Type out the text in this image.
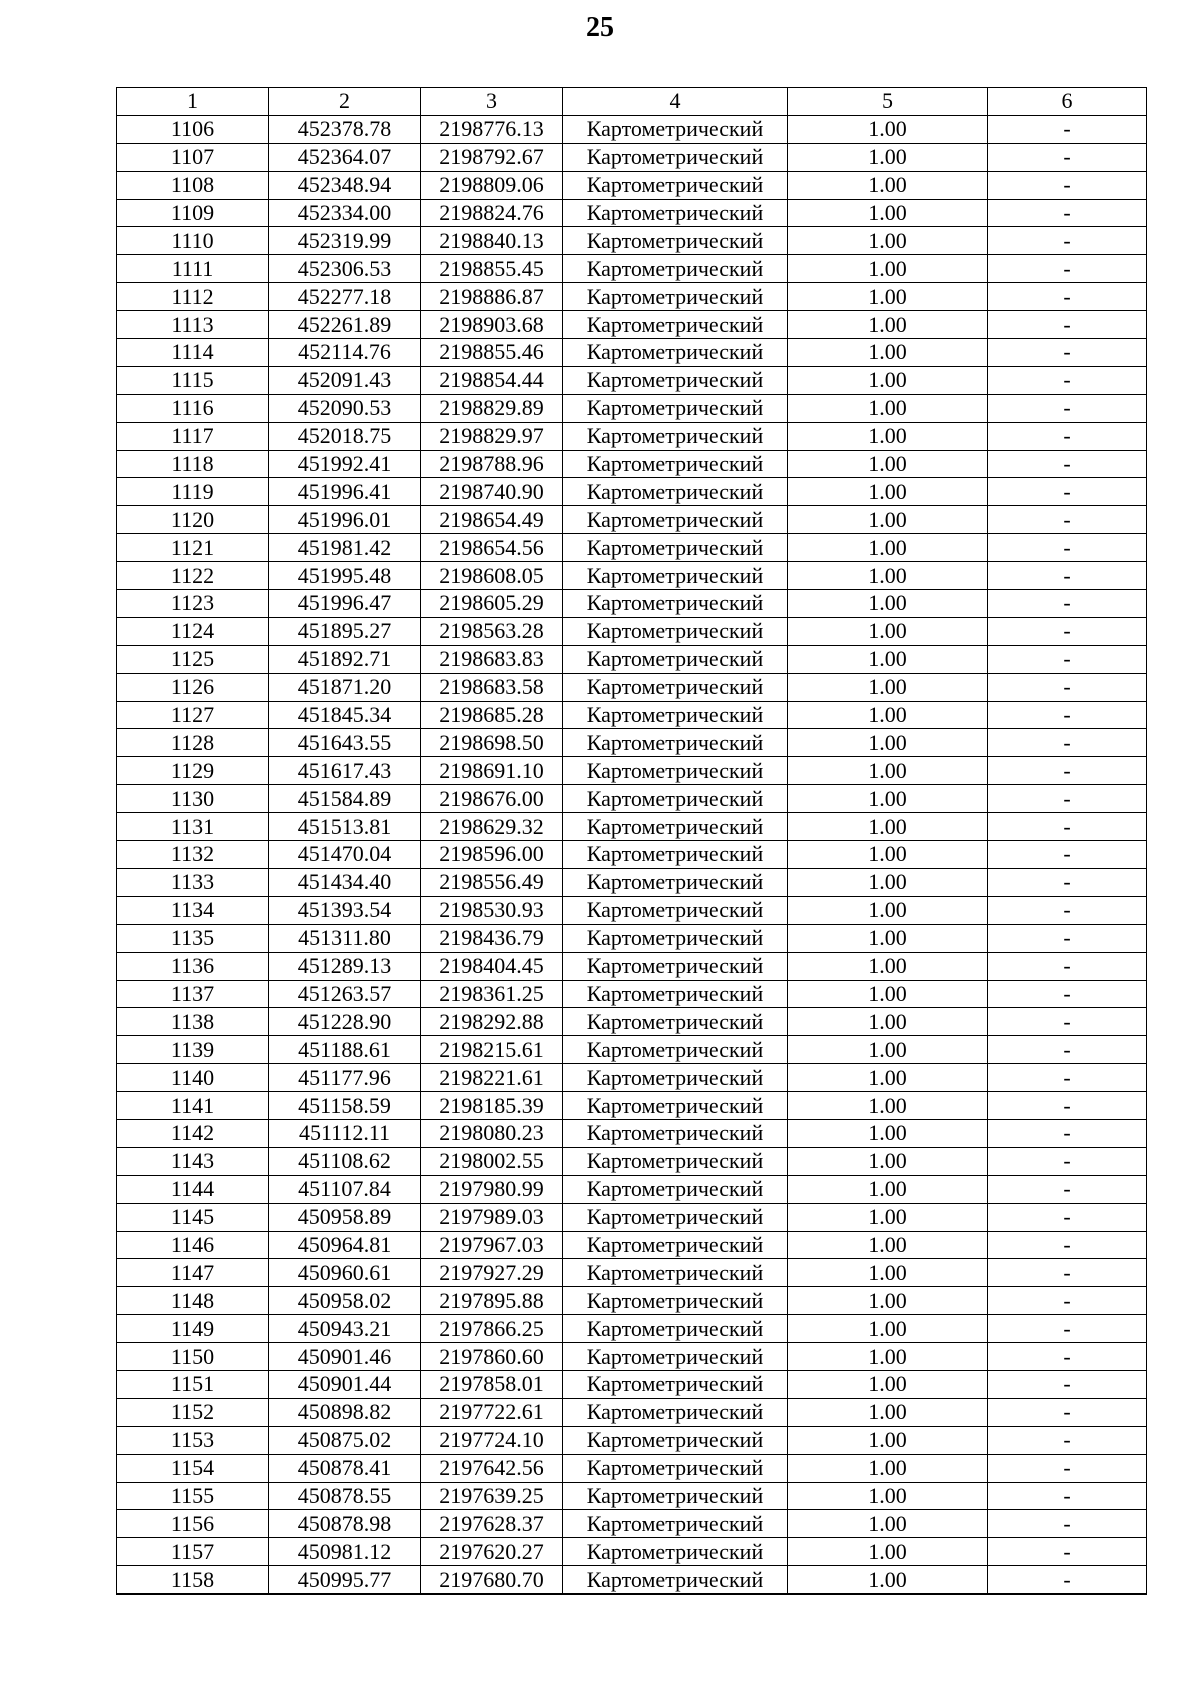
25
1	2	3	4	5	6
1106	452378.78	2198776.13	Картометрический	1.00	-
1107	452364.07	2198792.67	Картометрический	1.00	-
1108	452348.94	2198809.06	Картометрический	1.00	-
1109	452334.00	2198824.76	Картометрический	1.00	-
1110	452319.99	2198840.13	Картометрический	1.00	-
1111	452306.53	2198855.45	Картометрический	1.00	-
1112	452277.18	2198886.87	Картометрический	1.00	-
1113	452261.89	2198903.68	Картометрический	1.00	-
1114	452114.76	2198855.46	Картометрический	1.00	-
1115	452091.43	2198854.44	Картометрический	1.00	-
1116	452090.53	2198829.89	Картометрический	1.00	-
1117	452018.75	2198829.97	Картометрический	1.00	-
1118	451992.41	2198788.96	Картометрический	1.00	-
1119	451996.41	2198740.90	Картометрический	1.00	-
1120	451996.01	2198654.49	Картометрический	1.00	-
1121	451981.42	2198654.56	Картометрический	1.00	-
1122	451995.48	2198608.05	Картометрический	1.00	-
1123	451996.47	2198605.29	Картометрический	1.00	-
1124	451895.27	2198563.28	Картометрический	1.00	-
1125	451892.71	2198683.83	Картометрический	1.00	-
1126	451871.20	2198683.58	Картометрический	1.00	-
1127	451845.34	2198685.28	Картометрический	1.00	-
1128	451643.55	2198698.50	Картометрический	1.00	-
1129	451617.43	2198691.10	Картометрический	1.00	-
1130	451584.89	2198676.00	Картометрический	1.00	-
1131	451513.81	2198629.32	Картометрический	1.00	-
1132	451470.04	2198596.00	Картометрический	1.00	-
1133	451434.40	2198556.49	Картометрический	1.00	-
1134	451393.54	2198530.93	Картометрический	1.00	-
1135	451311.80	2198436.79	Картометрический	1.00	-
1136	451289.13	2198404.45	Картометрический	1.00	-
1137	451263.57	2198361.25	Картометрический	1.00	-
1138	451228.90	2198292.88	Картометрический	1.00	-
1139	451188.61	2198215.61	Картометрический	1.00	-
1140	451177.96	2198221.61	Картометрический	1.00	-
1141	451158.59	2198185.39	Картометрический	1.00	-
1142	451112.11	2198080.23	Картометрический	1.00	-
1143	451108.62	2198002.55	Картометрический	1.00	-
1144	451107.84	2197980.99	Картометрический	1.00	-
1145	450958.89	2197989.03	Картометрический	1.00	-
1146	450964.81	2197967.03	Картометрический	1.00	-
1147	450960.61	2197927.29	Картометрический	1.00	-
1148	450958.02	2197895.88	Картометрический	1.00	-
1149	450943.21	2197866.25	Картометрический	1.00	-
1150	450901.46	2197860.60	Картометрический	1.00	-
1151	450901.44	2197858.01	Картометрический	1.00	-
1152	450898.82	2197722.61	Картометрический	1.00	-
1153	450875.02	2197724.10	Картометрический	1.00	-
1154	450878.41	2197642.56	Картометрический	1.00	-
1155	450878.55	2197639.25	Картометрический	1.00	-
1156	450878.98	2197628.37	Картометрический	1.00	-
1157	450981.12	2197620.27	Картометрический	1.00	-
1158	450995.77	2197680.70	Картометрический	1.00	-
